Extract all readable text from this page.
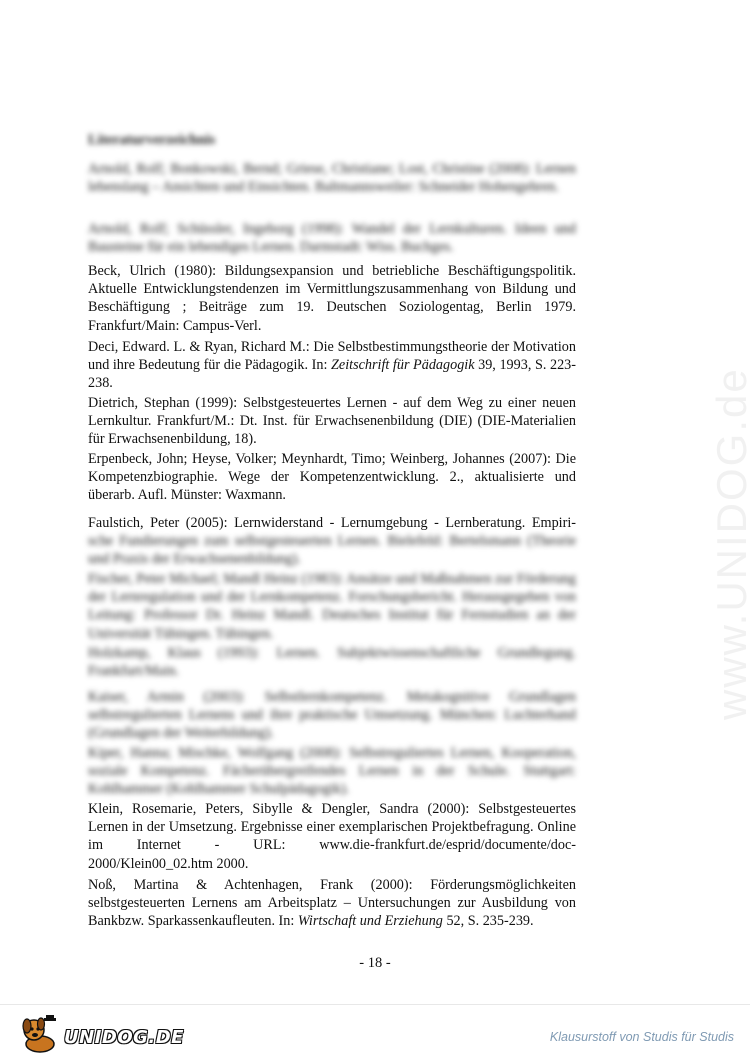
www.UNIDOG.de
Literaturverzeichnis

Arnold, Rolf; Bonkowski, Bernd; Griese, Christiane; Lost, Christine (2008): Lernen lebenslang – Ansichten und Einsichten. Baltmannsweiler: Schneider Hohengehren.

Arnold, Rolf; Schüssler, Ingeborg (1998): Wandel der Lernkulturen. Ideen und Bausteine für ein lebendiges Lernen. Darmstadt: Wiss. Buchges.

Beck, Ulrich (1980): Bildungsexpansion und betriebliche Beschäftigungspolitik. Aktuelle Entwicklungstendenzen im Vermittlungszusammenhang von Bildung und Beschäftigung ; Beiträge zum 19. Deutschen Soziologentag, Berlin 1979. Frankfurt/Main: Campus-Verl.

Deci, Edward. L. & Ryan, Richard M.: Die Selbstbestimmungstheorie der Motivation und ihre Bedeutung für die Pädagogik. In: Zeitschrift für Pädagogik 39, 1993, S. 223-238.

Dietrich, Stephan (1999): Selbstgesteuertes Lernen - auf dem Weg zu einer neuen Lernkultur. Frankfurt/M.: Dt. Inst. für Erwachsenenbildung (DIE) (DIE-Materialien für Erwachsenenbildung, 18).

Erpenbeck, John; Heyse, Volker; Meynhardt, Timo; Weinberg, Johannes (2007): Die Kompetenzbiographie. Wege der Kompetenzentwicklung. 2., aktualisierte und überarb. Aufl. Münster: Waxmann.

Faulstich, Peter (2005): Lernwiderstand - Lernumgebung - Lernberatung. Empiri- sche Fundierungen zum selbstgesteuerten Lernen. Bielefeld: Bertelsmann (Theorie und Praxis der Erwachsenenbildung).

Fischer, Peter Michael; Mandl Heinz (1983): Ansätze und Maßnahmen zur Förderung der Lernregulation und der Lernkompetenz. Forschungsbericht. Herausgegeben von Leitung: Professor Dr. Heinz Mandl. Deutsches Institut für Fernstudien an der Universität Tübingen. Tübingen.

Holzkamp, Klaus (1993): Lernen. Subjektwissenschaftliche Grundlegung. Frankfurt/Main.

Kaiser, Armin (2003): Selbstlernkompetenz. Metakognitive Grundlagen selbstregulierten Lernens und ihre praktische Umsetzung. München: Luchterhand (Grundlagen der Weiterbildung).

Kiper, Hanna; Mischke, Wolfgang (2008): Selbstreguliertes Lernen, Kooperation, soziale Kompetenz. Fächerübergreifendes Lernen in der Schule. Stuttgart: Kohlhammer (Kohlhammer Schulpädagogik).

Klein, Rosemarie, Peters, Sibylle & Dengler, Sandra (2000): Selbstgesteuertes Lernen in der Umsetzung. Ergebnisse einer exemplarischen Projektbefragung. Online im Internet - URL: www.die-frankfurt.de/esprid/documente/doc-2000/Klein00_02.htm 2000.

Noß, Martina & Achtenhagen, Frank (2000): Förderungsmöglichkeiten selbstgesteuerten Lernens am Arbeitsplatz – Untersuchungen zur Ausbildung von Bankbzw. Sparkassenkaufleuten. In: Wirtschaft und Erziehung 52, S. 235-239.

- 18 -
UNIDOG.DE	Klausurstoff von Studis für Studis
